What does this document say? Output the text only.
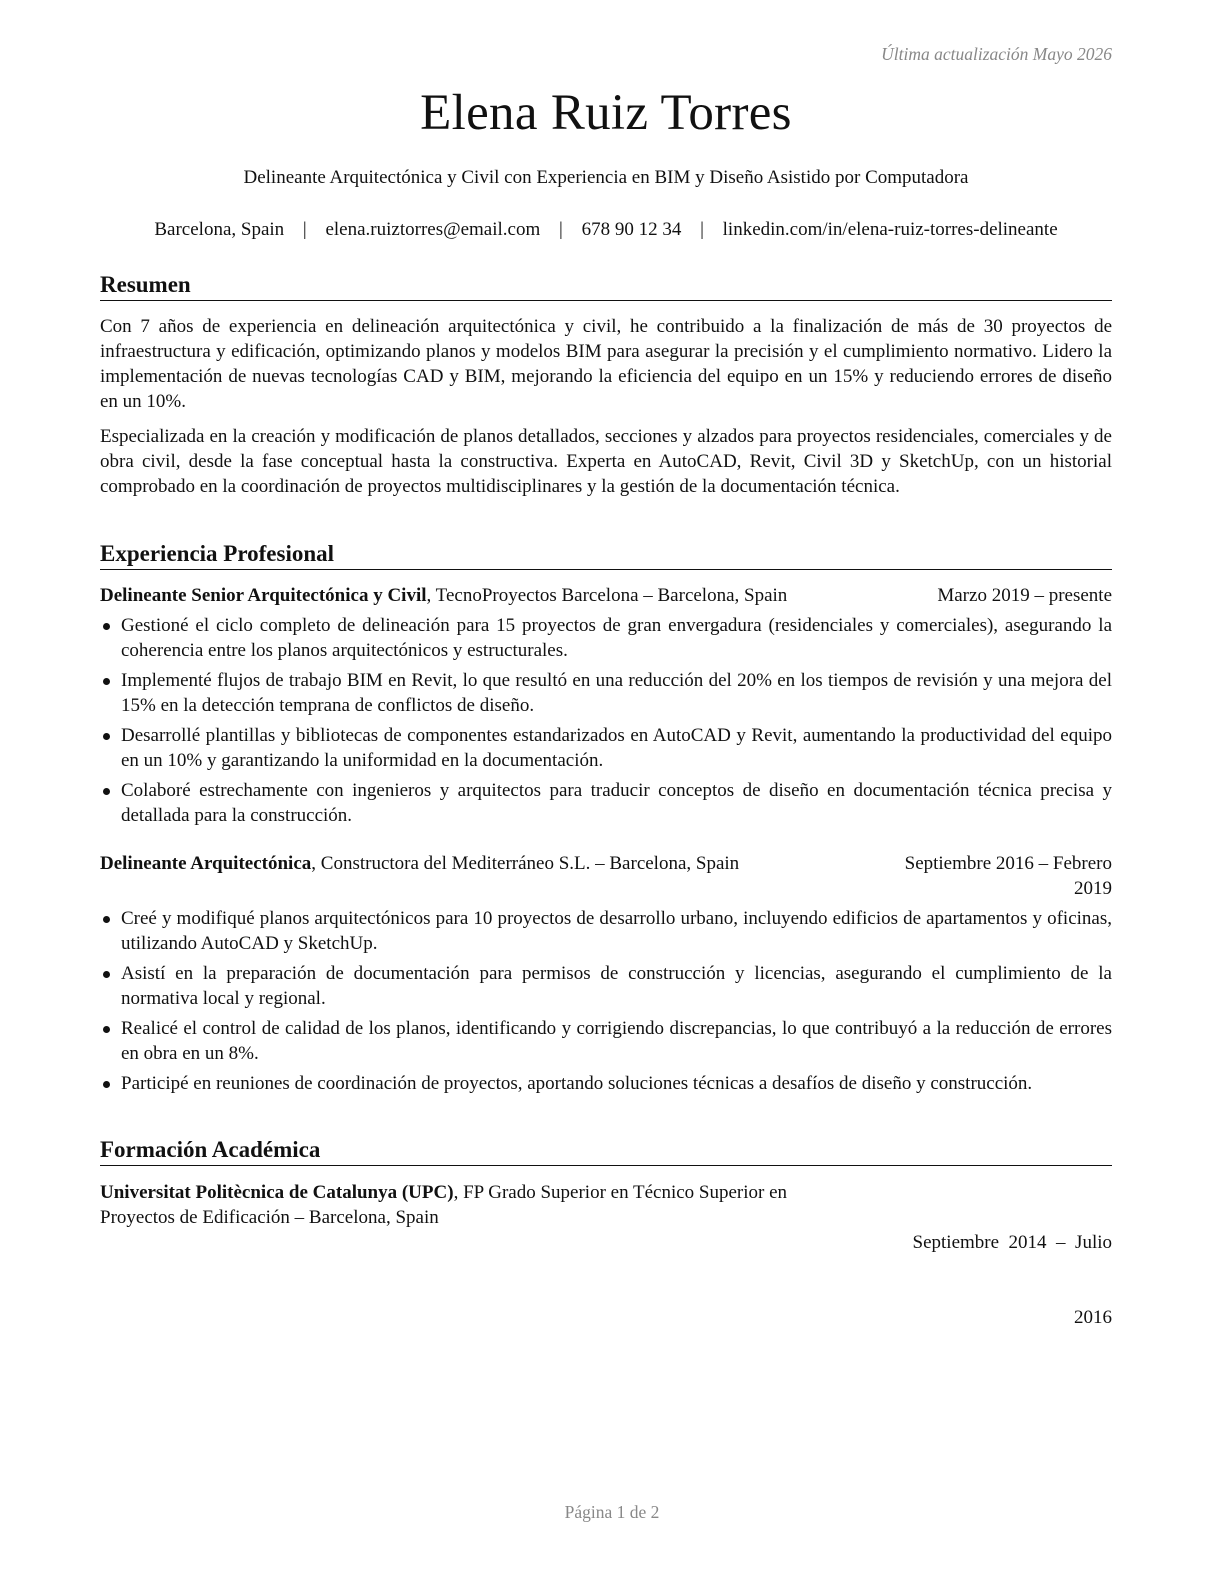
Última actualización Mayo 2026
Elena Ruiz Torres
Delineante Arquitectónica y Civil con Experiencia en BIM y Diseño Asistido por Computadora
Barcelona, Spain | elena.ruiztorres@email.com | 678 90 12 34 | linkedin.com/in/elena-ruiz-torres-delineante
Resumen
Con 7 años de experiencia en delineación arquitectónica y civil, he contribuido a la finalización de más de 30 proyectos de infraestructura y edificación, optimizando planos y modelos BIM para asegurar la precisión y el cumplimiento normativo. Lidero la implementación de nuevas tecnologías CAD y BIM, mejorando la eficiencia del equipo en un 15% y reduciendo errores de diseño en un 10%.
Especializada en la creación y modificación de planos detallados, secciones y alzados para proyectos residenciales, comerciales y de obra civil, desde la fase conceptual hasta la constructiva. Experta en AutoCAD, Revit, Civil 3D y SketchUp, con un historial comprobado en la coordinación de proyectos multidisciplinares y la gestión de la documentación técnica.
Experiencia Profesional
Delineante Senior Arquitectónica y Civil, TecnoProyectos Barcelona – Barcelona, Spain	Marzo 2019 – presente
Gestioné el ciclo completo de delineación para 15 proyectos de gran envergadura (residenciales y comerciales), asegurando la coherencia entre los planos arquitectónicos y estructurales.
Implementé flujos de trabajo BIM en Revit, lo que resultó en una reducción del 20% en los tiempos de revisión y una mejora del 15% en la detección temprana de conflictos de diseño.
Desarrollé plantillas y bibliotecas de componentes estandarizados en AutoCAD y Revit, aumentando la productividad del equipo en un 10% y garantizando la uniformidad en la documentación.
Colaboré estrechamente con ingenieros y arquitectos para traducir conceptos de diseño en documentación técnica precisa y detallada para la construcción.
Delineante Arquitectónica, Constructora del Mediterráneo S.L. – Barcelona, Spain	Septiembre 2016 – Febrero
2019
Creé y modifiqué planos arquitectónicos para 10 proyectos de desarrollo urbano, incluyendo edificios de apartamentos y oficinas, utilizando AutoCAD y SketchUp.
Asistí en la preparación de documentación para permisos de construcción y licencias, asegurando el cumplimiento de la normativa local y regional.
Realicé el control de calidad de los planos, identificando y corrigiendo discrepancias, lo que contribuyó a la reducción de errores en obra en un 8%.
Participé en reuniones de coordinación de proyectos, aportando soluciones técnicas a desafíos de diseño y construcción.
Formación Académica
Universitat Politècnica de Catalunya (UPC), FP Grado Superior en Técnico Superior en
Proyectos de Edificación – Barcelona, Spain

Septiembre  2014  –  Julio

2016

Página 1 de 2
